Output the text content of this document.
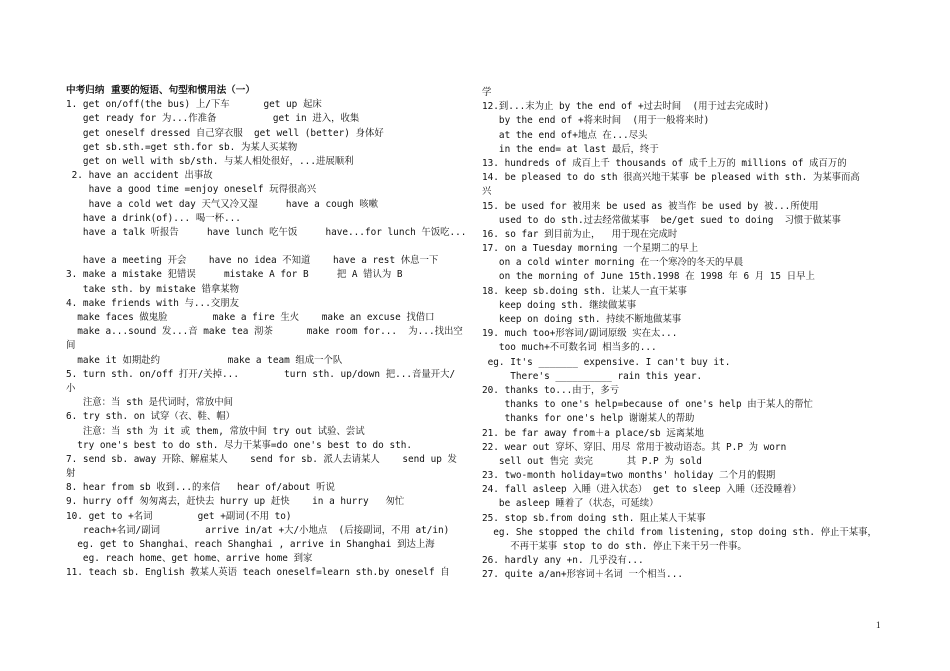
中考归纳  重要的短语、句型和惯用法（一）
1. get on/off(the bus) 上/下车      get up 起床
get ready for 为...作准备          get in 进入，收集
get oneself dressed 自己穿衣服  get well (better) 身体好
get sb.sth.=get sth.for sb. 为某人买某物
get on well with sb/sth. 与某人相处很好，...进展顺利
2. have an accident 出事故
have a good time =enjoy oneself 玩得很高兴
have a cold wet day 天气又冷又湿     have a cough 咳嗽
have a drink(of)... 喝一杯...
have a talk 听报告     have lunch 吃午饭     have...for lunch 午饭吃...
have a meeting 开会    have no idea 不知道    have a rest 休息一下
3. make a mistake 犯错误     mistake A for B     把 A 错认为 B
take sth. by mistake 错拿某物
4. make friends with 与...交朋友
make faces 做鬼脸        make a fire 生火    make an excuse 找借口
make a...sound 发...音 make tea 沏茶      make room for...  为...找出空
间
make it 如期赴约            make a team 组成一个队
5. turn sth. on/off 打开/关掉...        turn sth. up/down 把...音量开大/
小
注意：当 sth 是代词时，常放中间
6. try sth. on 试穿（衣、鞋、帽）
注意：当 sth 为 it 或 them, 常放中间 try out 试验、尝试
try one's best to do sth. 尽力干某事=do one's best to do sth.
7. send sb. away 开除、解雇某人    send for sb. 派人去请某人    send up 发
射
8. hear from sb 收到...的来信   hear of/about 听说
9. hurry off 匆匆离去，赶快去 hurry up 赶快    in a hurry   匆忙
10. get to +名词        get +副词(不用 to)
reach+名词/副词        arrive in/at +大/小地点  (后接副词，不用 at/in)
eg. get to Shanghai、reach Shanghai , arrive in Shanghai 到达上海
eg. reach home、get home、arrive home 到家
11. teach sb. English 教某人英语 teach oneself=learn sth.by oneself 自
学
12.到...末为止 by the end of +过去时间  (用于过去完成时)
by the end of +将来时间  (用于一般将来时)
at the end of+地点 在...尽头
in the end= at last 最后，终于
13. hundreds of 成百上千 thousands of 成千上万的 millions of 成百万的
14. be pleased to do sth 很高兴地干某事 be pleased with sth. 为某事而高
兴
15. be used for 被用来 be used as 被当作 be used by 被...所使用
used to do sth.过去经常做某事  be/get sued to doing  习惯于做某事
16. so far 到目前为止，  用于现在完成时
17. on a Tuesday morning 一个星期二的早上
on a cold winter morning 在一个寒冷的冬天的早晨
on the morning of June 15th.1998 在 1998 年 6 月 15 日早上
18. keep sb.doing sth. 让某人一直干某事
keep doing sth. 继续做某事
keep on doing sth. 持续不断地做某事
19. much too+形容词/副词原级 实在太...
too much+不可数名词 相当多的...
eg. It's _______ expensive. I can't buy it.
There's __________ rain this year.
20. thanks to...由于，多亏
thanks to one's help=because of one's help 由于某人的帮忙
thanks for one's help 谢谢某人的帮助
21. be far away from＋a place/sb 远离某地
22. wear out 穿坏、穿旧、用尽 常用于被动语态。其 P.P 为 worn
sell out 售完 卖完      其 P.P 为 sold
23. two-month holiday=two months' holiday 二个月的假期
24. fall asleep 入睡（进入状态） get to sleep 入睡（还没睡着）
be asleep 睡着了（状态，可延续）
25. stop sb.from doing sth. 阻止某人干某事
eg. She stopped the child from listening, stop doing sth. 停止干某事，
不再干某事 stop to do sth. 停止下来干另一件事。
26. hardly any +n. 几乎没有...
27. quite a/an+形容词＋名词 一个相当...
1
